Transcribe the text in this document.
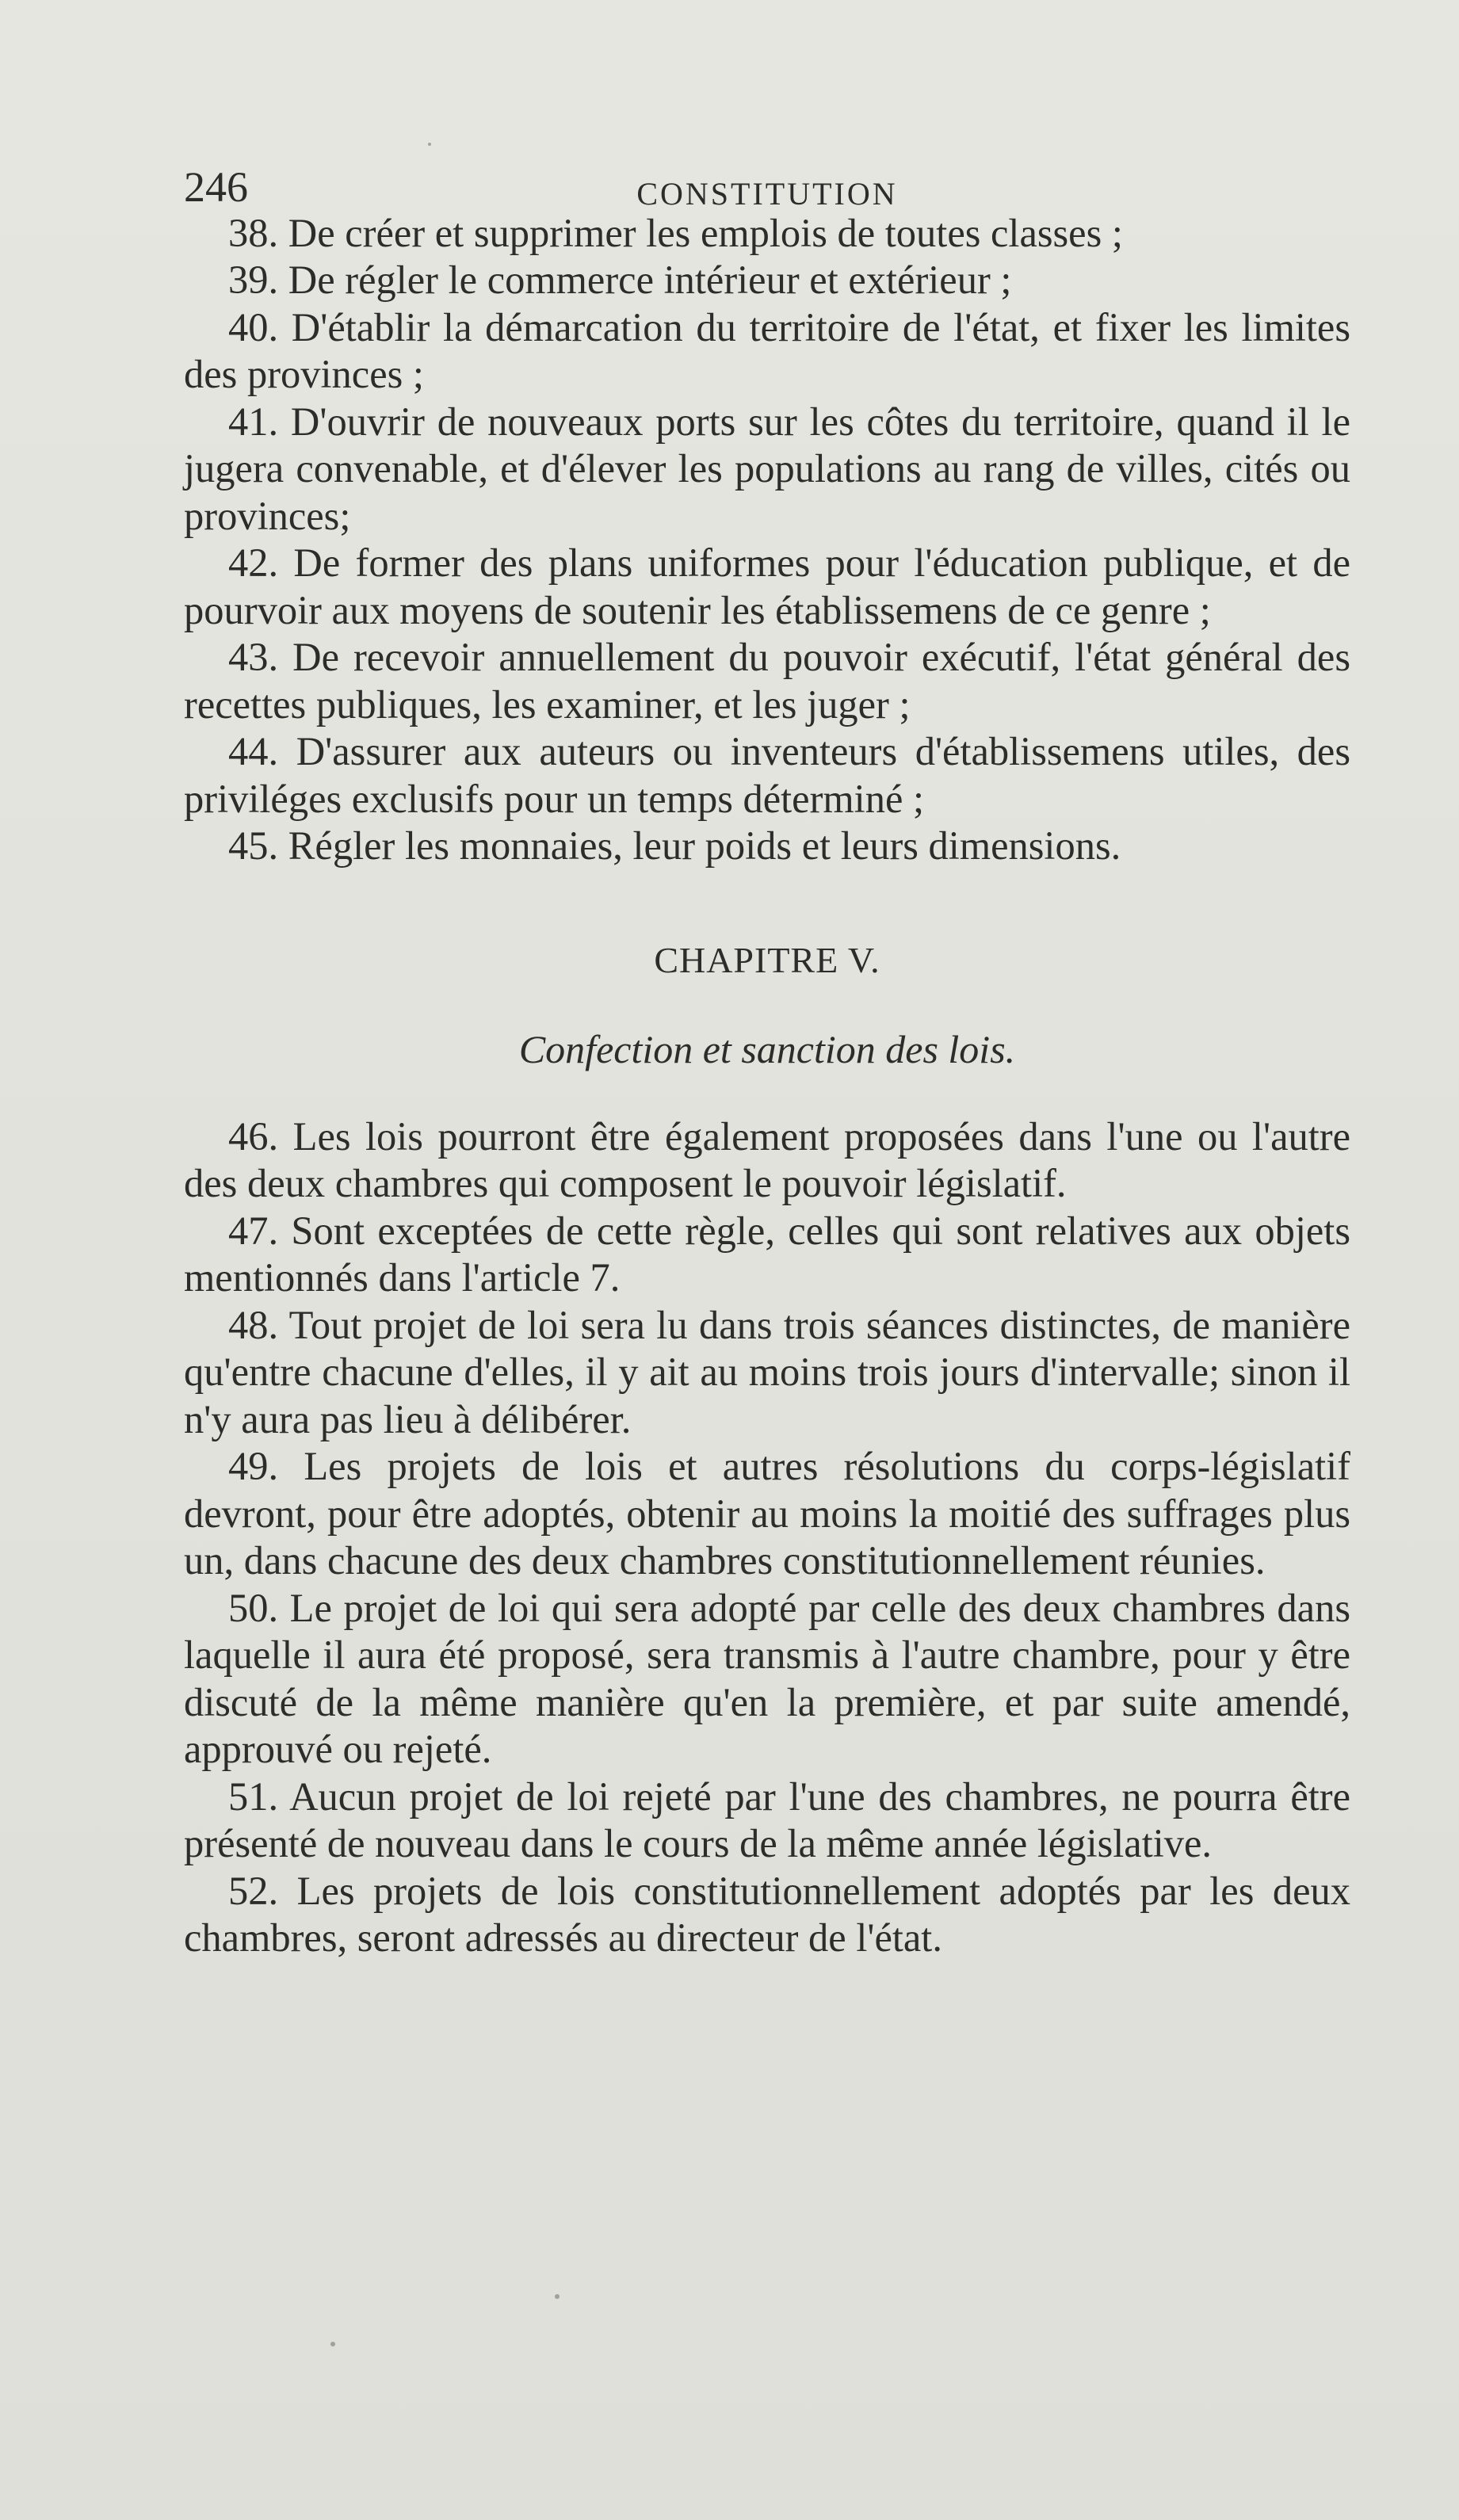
246	CONSTITUTION

38. De créer et supprimer les emplois de toutes classes ;

39. De régler le commerce intérieur et extérieur ;

40. D'établir la démarcation du territoire de l'état, et fixer les limites des provinces ;

41. D'ouvrir de nouveaux ports sur les côtes du territoire, quand il le jugera convenable, et d'élever les populations au rang de villes, cités ou provinces;

42. De former des plans uniformes pour l'éducation publique, et de pourvoir aux moyens de soutenir les établissemens de ce genre ;

43. De recevoir annuellement du pouvoir exécutif, l'état général des recettes publiques, les examiner, et les juger ;

44. D'assurer aux auteurs ou inventeurs d'établissemens utiles, des priviléges exclusifs pour un temps déterminé ;

45. Régler les monnaies, leur poids et leurs dimensions.

CHAPITRE V.
Confection et sanction des lois.

46. Les lois pourront être également proposées dans l'une ou l'autre des deux chambres qui composent le pouvoir législatif.

47. Sont exceptées de cette règle, celles qui sont relatives aux objets mentionnés dans l'article 7.

48. Tout projet de loi sera lu dans trois séances distinctes, de manière qu'entre chacune d'elles, il y ait au moins trois jours d'intervalle; sinon il n'y aura pas lieu à délibérer.

49. Les projets de lois et autres résolutions du corps-législatif devront, pour être adoptés, obtenir au moins la moitié des suffrages plus un, dans chacune des deux chambres constitutionnellement réunies.

50. Le projet de loi qui sera adopté par celle des deux chambres dans laquelle il aura été proposé, sera transmis à l'autre chambre, pour y être discuté de la même manière qu'en la première, et par suite amendé, approuvé ou rejeté.

51. Aucun projet de loi rejeté par l'une des chambres, ne pourra être présenté de nouveau dans le cours de la même année législative.

52. Les projets de lois constitutionnellement adoptés par les deux chambres, seront adressés au directeur de l'état.
